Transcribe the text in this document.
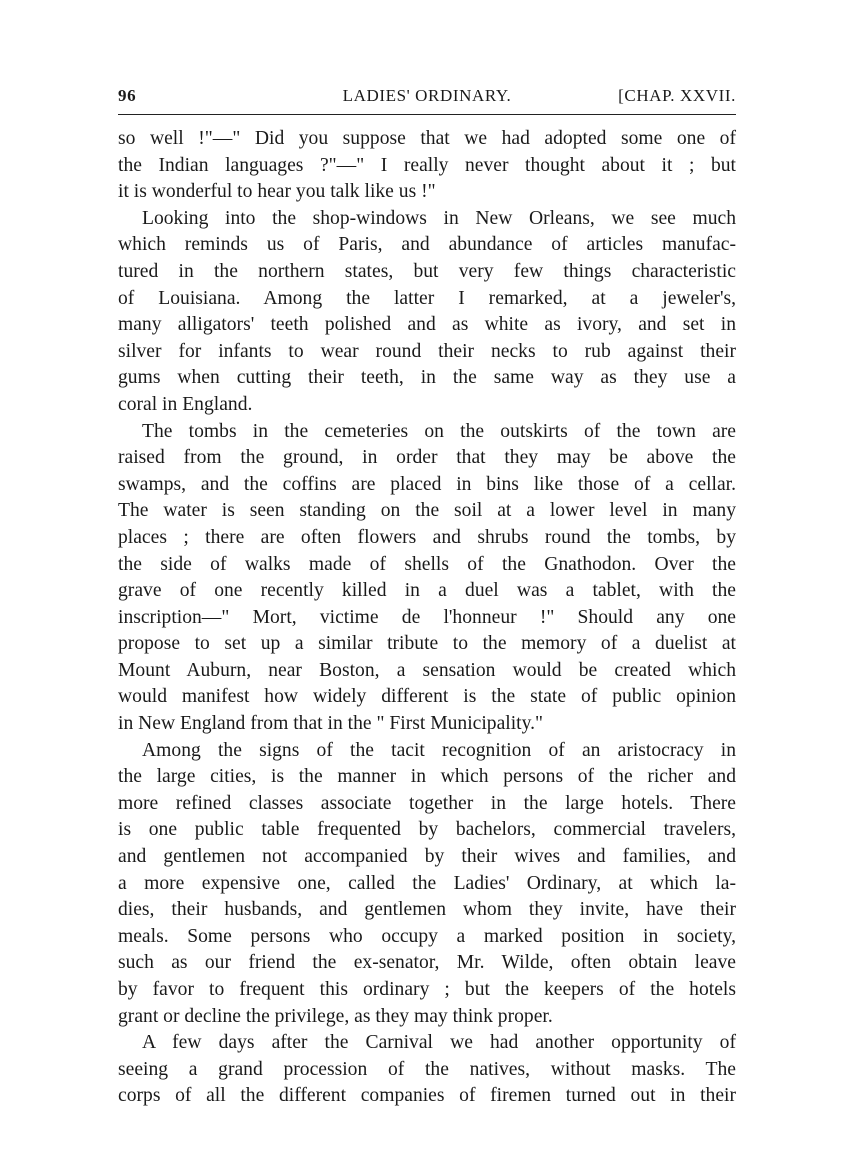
96	LADIES' ORDINARY.	[CHAP. XXVII.

so well !"—" Did you suppose that we had adopted some one of
the Indian languages ?"—" I really never thought about it ; but
it is wonderful to hear you talk like us !"

Looking into the shop-windows in New Orleans, we see much
which reminds us of Paris, and abundance of articles manufac-
tured in the northern states, but very few things characteristic
of Louisiana. Among the latter I remarked, at a jeweler's,
many alligators' teeth polished and as white as ivory, and set in
silver for infants to wear round their necks to rub against their
gums when cutting their teeth, in the same way as they use a
coral in England.

The tombs in the cemeteries on the outskirts of the town are
raised from the ground, in order that they may be above the
swamps, and the coffins are placed in bins like those of a cellar.
The water is seen standing on the soil at a lower level in many
places ; there are often flowers and shrubs round the tombs, by
the side of walks made of shells of the Gnathodon. Over the
grave of one recently killed in a duel was a tablet, with the
inscription—" Mort, victime de l'honneur !" Should any one
propose to set up a similar tribute to the memory of a duelist at
Mount Auburn, near Boston, a sensation would be created which
would manifest how widely different is the state of public opinion
in New England from that in the " First Municipality."

Among the signs of the tacit recognition of an aristocracy in
the large cities, is the manner in which persons of the richer and
more refined classes associate together in the large hotels. There
is one public table frequented by bachelors, commercial travelers,
and gentlemen not accompanied by their wives and families, and
a more expensive one, called the Ladies' Ordinary, at which la-
dies, their husbands, and gentlemen whom they invite, have their
meals. Some persons who occupy a marked position in society,
such as our friend the ex-senator, Mr. Wilde, often obtain leave
by favor to frequent this ordinary ; but the keepers of the hotels
grant or decline the privilege, as they may think proper.

A few days after the Carnival we had another opportunity of
seeing a grand procession of the natives, without masks. The
corps of all the different companies of firemen turned out in their
